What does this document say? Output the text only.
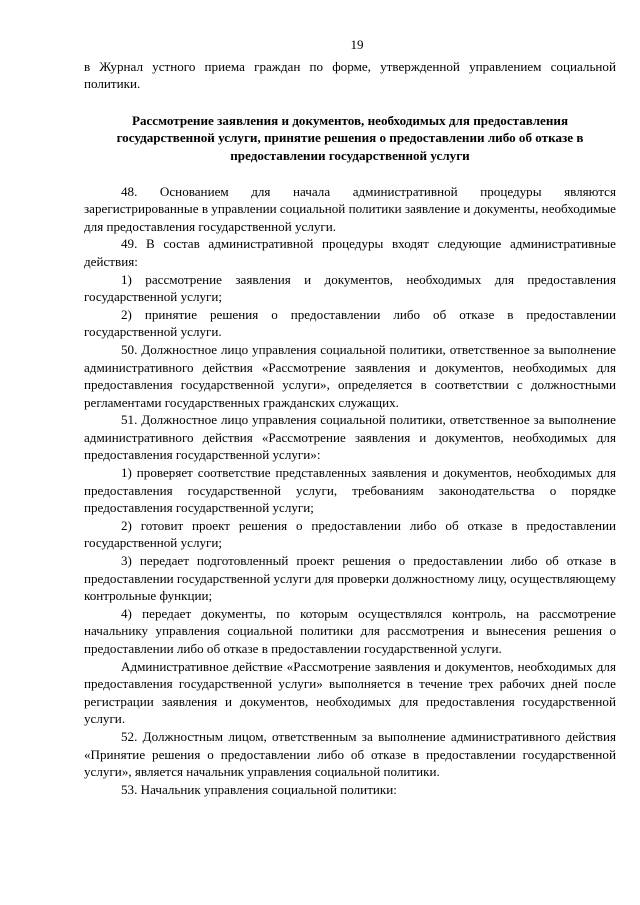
19

в Журнал устного приема граждан по форме, утвержденной управлением социальной политики.

Рассмотрение заявления и документов, необходимых для предоставления государственной услуги, принятие решения о предоставлении либо об отказе в предоставлении государственной услуги

48. Основанием для начала административной процедуры являются зарегистрированные в управлении социальной политики заявление и документы, необходимые для предоставления государственной услуги.

49. В состав административной процедуры входят следующие административные действия:

1) рассмотрение заявления и документов, необходимых для предоставления государственной услуги;

2) принятие решения о предоставлении либо об отказе в предоставлении государственной услуги.

50. Должностное лицо управления социальной политики, ответственное за выполнение административного действия «Рассмотрение заявления и документов, необходимых для предоставления государственной услуги», определяется в соответствии с должностными регламентами государственных гражданских служащих.

51. Должностное лицо управления социальной политики, ответственное за выполнение административного действия «Рассмотрение заявления и документов, необходимых для предоставления государственной услуги»:

1) проверяет соответствие представленных заявления и документов, необходимых для предоставления государственной услуги, требованиям законодательства о порядке предоставления государственной услуги;

2) готовит проект решения о предоставлении либо об отказе в предоставлении государственной услуги;

3) передает подготовленный проект решения о предоставлении либо об отказе в предоставлении государственной услуги для проверки должностному лицу, осуществляющему контрольные функции;

4) передает документы, по которым осуществлялся контроль, на рассмотрение начальнику управления социальной политики для рассмотрения и вынесения решения о предоставлении либо об отказе в предоставлении государственной услуги.

Административное действие «Рассмотрение заявления и документов, необходимых для предоставления государственной услуги» выполняется в течение трех рабочих дней после регистрации заявления и документов, необходимых для предоставления государственной услуги.

52. Должностным лицом, ответственным за выполнение административного действия «Принятие решения о предоставлении либо об отказе в предоставлении государственной услуги», является начальник управления социальной политики.

53. Начальник управления социальной политики:
